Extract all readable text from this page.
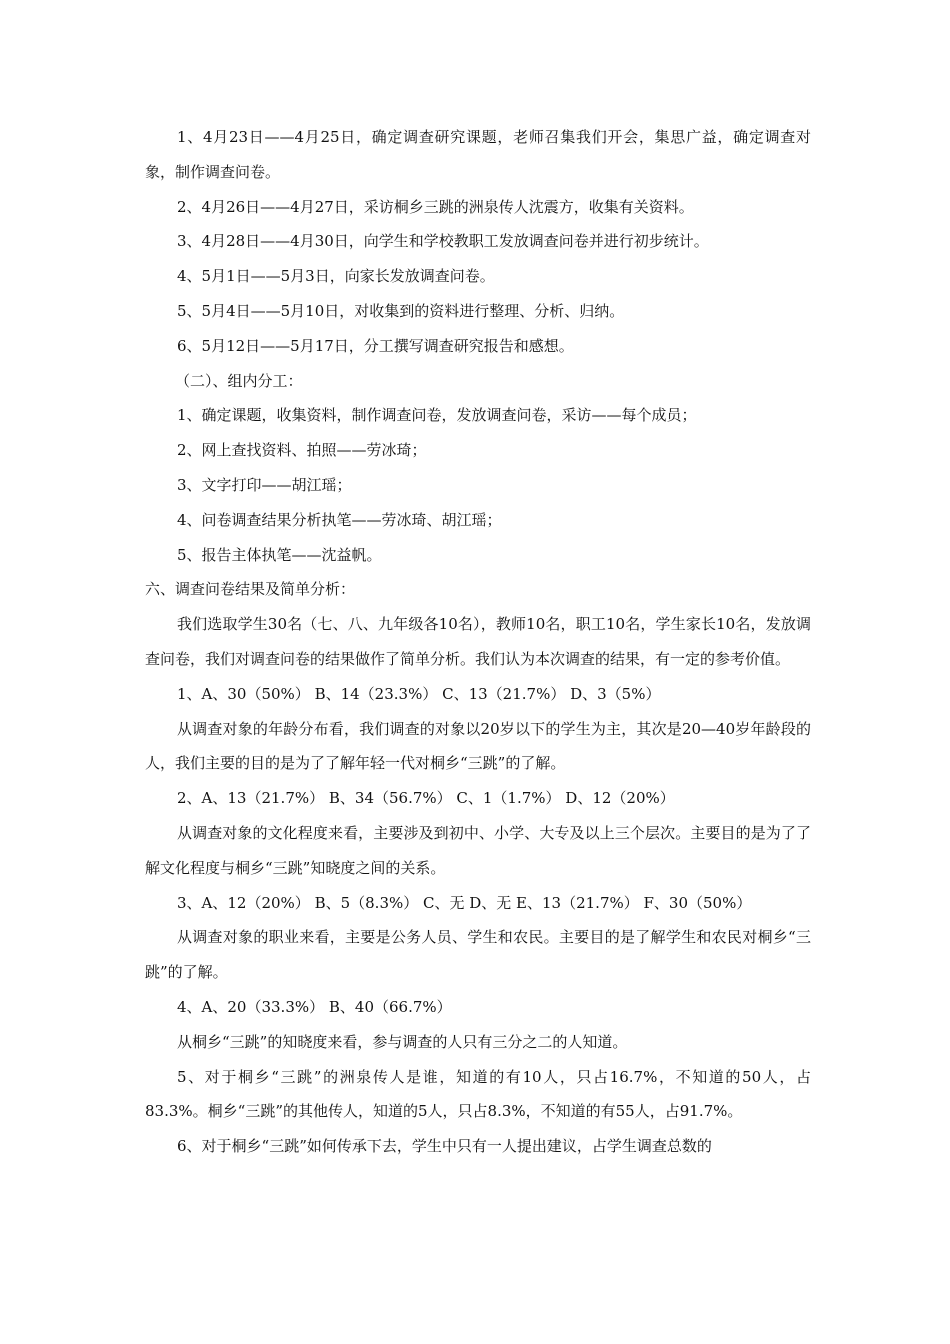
1、4月23日——4月25日，确定调查研究课题，老师召集我们开会，集思广益，确定调查对象，制作调查问卷。

2、4月26日——4月27日，采访桐乡三跳的洲泉传人沈震方，收集有关资料。

3、4月28日——4月30日，向学生和学校教职工发放调查问卷并进行初步统计。

4、5月1日——5月3日，向家长发放调查问卷。

5、5月4日——5月10日，对收集到的资料进行整理、分析、归纳。

6、5月12日——5月17日，分工撰写调查研究报告和感想。

（二）、组内分工：

1、确定课题，收集资料，制作调查问卷，发放调查问卷，采访——每个成员；

2、网上查找资料、拍照——劳冰琦；

3、文字打印——胡江瑶；

4、问卷调查结果分析执笔——劳冰琦、胡江瑶；

5、报告主体执笔——沈益帆。

六、调查问卷结果及简单分析：

我们选取学生30名（七、八、九年级各10名），教师10名，职工10名，学生家长10名，发放调查问卷，我们对调查问卷的结果做作了简单分析。我们认为本次调查的结果，有一定的参考价值。

1、A、30（50%） B、14（23.3%） C、13（21.7%） D、3（5%）

从调查对象的年龄分布看，我们调查的对象以20岁以下的学生为主，其次是20—40岁年龄段的人，我们主要的目的是为了了解年轻一代对桐乡“三跳”的了解。

2、A、13（21.7%） B、34（56.7%） C、1（1.7%） D、12（20%）

从调查对象的文化程度来看，主要涉及到初中、小学、大专及以上三个层次。主要目的是为了了解文化程度与桐乡“三跳”知晓度之间的关系。

3、A、12（20%） B、5（8.3%） C、无 D、无 E、13（21.7%） F、30（50%）

从调查对象的职业来看，主要是公务人员、学生和农民。主要目的是了解学生和农民对桐乡“三跳”的了解。

4、A、20（33.3%） B、40（66.7%）

从桐乡“三跳”的知晓度来看，参与调查的人只有三分之二的人知道。

5、对于桐乡“三跳”的洲泉传人是谁，知道的有10人，只占16.7%，不知道的50人，占83.3%。桐乡“三跳”的其他传人，知道的5人，只占8.3%，不知道的有55人，占91.7%。

6、对于桐乡“三跳”如何传承下去，学生中只有一人提出建议，占学生调查总数的
